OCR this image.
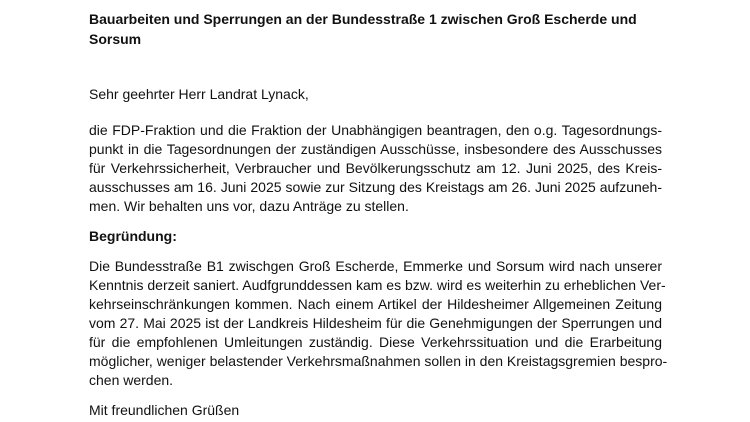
Bauarbeiten und Sperrungen an der Bundesstraße 1 zwischen Groß Escherde und
Sorsum

Sehr geehrter Herr Landrat Lynack,

die FDP-Fraktion und die Fraktion der Unabhängigen beantragen, den o.g. Tagesordnungs-
punkt in die Tagesordnungen der zuständigen Ausschüsse, insbesondere des Ausschusses
für Verkehrssicherheit, Verbraucher und Bevölkerungsschutz am 12. Juni 2025, des Kreis-
ausschusses am 16. Juni 2025 sowie zur Sitzung des Kreistags am 26. Juni 2025 aufzuneh-
men. Wir behalten uns vor, dazu Anträge zu stellen.

Begründung:

Die Bundesstraße B1 zwischgen Groß Escherde, Emmerke und Sorsum wird nach unserer
Kenntnis derzeit saniert. Audfgrunddessen kam es bzw. wird es weiterhin zu erheblichen Ver-
kehrseinschränkungen kommen. Nach einem Artikel der Hildesheimer Allgemeinen Zeitung
vom 27. Mai 2025 ist der Landkreis Hildesheim für die Genehmigungen der Sperrungen und
für die empfohlenen Umleitungen zuständig. Diese Verkehrssituation und die Erarbeitung
möglicher, weniger belastender Verkehrsmaßnahmen sollen in den Kreistagsgremien bespro-
chen werden.

Mit freundlichen Grüßen
